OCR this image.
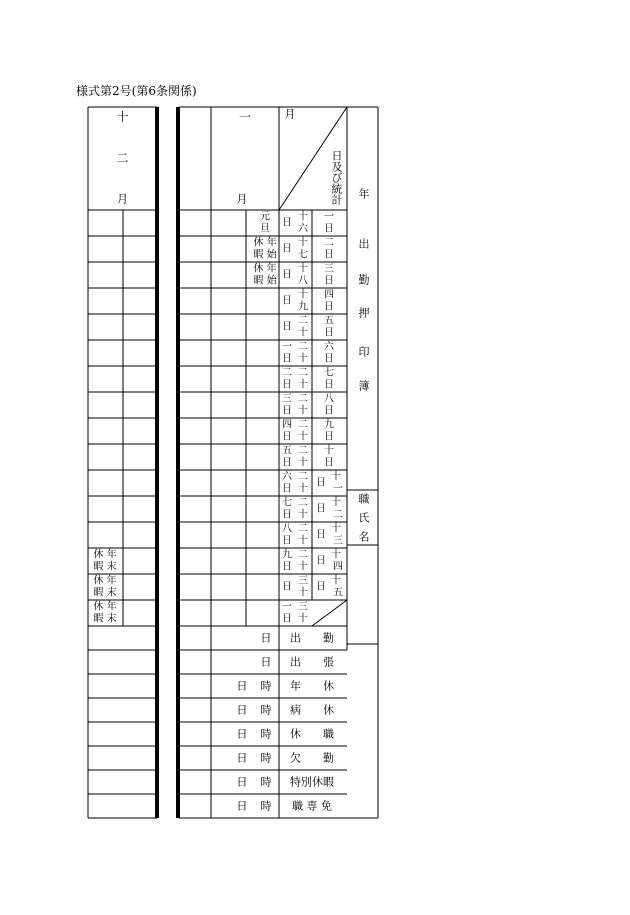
様式第2号(第6条関係)
十
二
月
一
月
月
日
及
び
統
計 年
出
勤
押
印
簿
職
氏
名
日
十
六
一
日
日
十
七
二
日
日
十
八
三
日
日
十
九
四
日
日
二
十
五
日
一
日
二
十
六
日
二
日
二
十
七
日
三
日
二
十
八
日
四
日
二
十
九
日
五
日
二
十
十
日
六
日
二
十
日
十
一
七
日
二
十
日
十
二
八
日
二
十
日
十
三
九
日
二
十
日
十
四
日
三
十
日
十
五
一
日
三
十
元
旦
休 年
暇 始
休 年
暇 始
休 年
暇 末
休 年
暇 末
休 年
暇 末
日 出　　勤
日 出　　張
日 時 年　　休
日 時 病　　休
日 時 休　　職
日 時 欠　　勤
日 時 特別休暇
日 時 職 専 免
